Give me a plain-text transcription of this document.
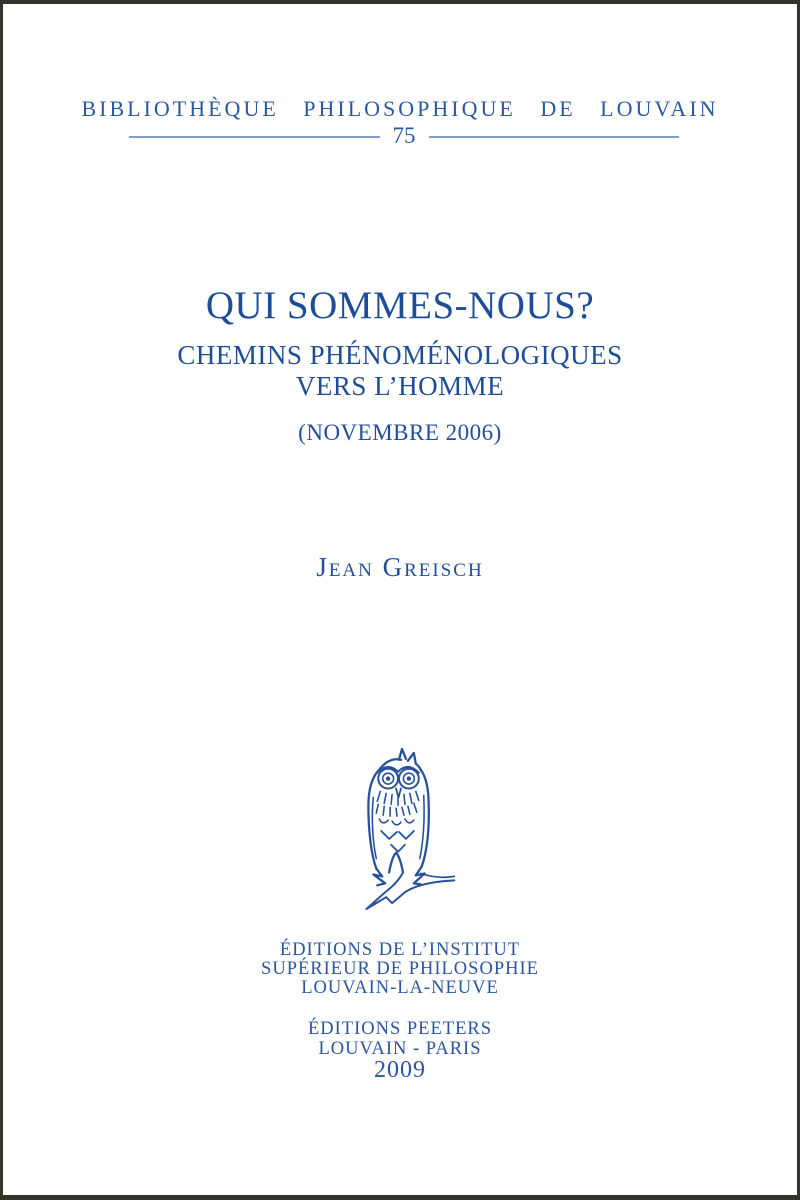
BIBLIOTHÈQUE PHILOSOPHIQUE DE LOUVAIN
75
QUI SOMMES-NOUS?
CHEMINS PHÉNOMÉNOLOGIQUES
VERS L’HOMME
(NOVEMBRE 2006)
Jean Greisch
ÉDITIONS DE L’INSTITUT
SUPÉRIEUR DE PHILOSOPHIE
LOUVAIN-LA-NEUVE
ÉDITIONS PEETERS
LOUVAIN - PARIS
2009
